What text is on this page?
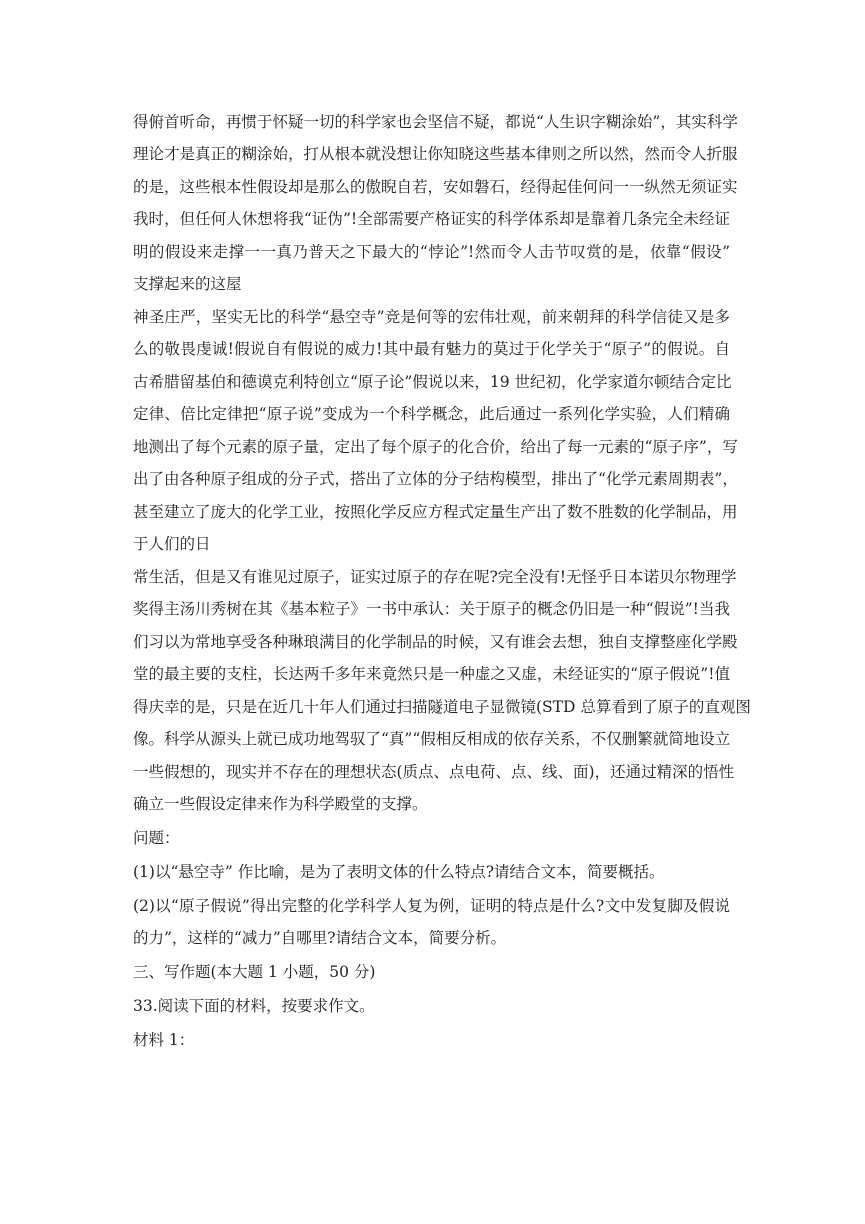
得俯首听命，再惯于怀疑一切的科学家也会坚信不疑，都说“人生识字糊涂始”，其实科学
理论才是真正的糊涂始，打从根本就没想让你知晓这些基本律则之所以然，然而令人折服
的是，这些根本性假设却是那么的傲睨自若，安如磐石，经得起佳何问一一纵然无须证实
我时，但任何人休想将我“证伪”!全部需要产格证实的科学体系却是靠着几条完全未经证
明的假设来走撑一一真乃普天之下最大的“悖论”!然而令人击节叹赏的是，依靠“假设”
支撑起来的这屋
神圣庄严，坚实无比的科学“悬空寺”竞是何等的宏伟壮观，前来朝拜的科学信徒又是多
么的敬畏虔诚!假说自有假说的威力!其中最有魅力的莫过于化学关于“原子”的假说。自
古希腊留基伯和德谟克利特创立“原子论”假说以来，19 世纪初，化学家道尔顿结合定比
定律、倍比定律把“原子说”变成为一个科学概念，此后通过一系列化学实验，人们精确
地测出了每个元素的原子量，定出了每个原子的化合价，给出了每一元素的“原子序”，写
出了由各种原子组成的分子式，搭出了立体的分子结构模型，排出了“化学元素周期表”，
甚至建立了庞大的化学工业，按照化学反应方程式定量生产出了数不胜数的化学制品，用
于人们的日
常生活，但是又有谁见过原子，证实过原子的存在呢?完全没有!无怪乎日本诺贝尔物理学
奖得主汤川秀树在其《基本粒子》一书中承认：关于原子的概念仍旧是一种“假说”!当我
们习以为常地享受各种琳琅满目的化学制品的时候，又有谁会去想，独自支撑整座化学殿
堂的最主要的支柱，长达两千多年来竟然只是一种虚之又虚，未经证实的“原子假说”!值
得庆幸的是，只是在近几十年人们通过扫描隧道电子显微镜(STD 总算看到了原子的直观图
像。科学从源头上就已成功地驾驭了“真”“假相反相成的依存关系，不仅删繁就简地设立
一些假想的，现实并不存在的理想状态(质点、点电荷、点、线、面)，还通过精深的悟性
确立一些假设定律来作为科学殿堂的支撑。
问题：
(1)以“悬空寺” 作比喻，是为了表明文体的什么特点?请结合文本，简要概括。
(2)以“原子假说”得出完整的化学科学人复为例，证明的特点是什么?文中发复脚及假说
的力”，这样的“减力”自哪里?请结合文本，简要分析。
三、写作题(本大题 1 小题，50 分)
33.阅读下面的材料，按要求作文。
材料 1：
